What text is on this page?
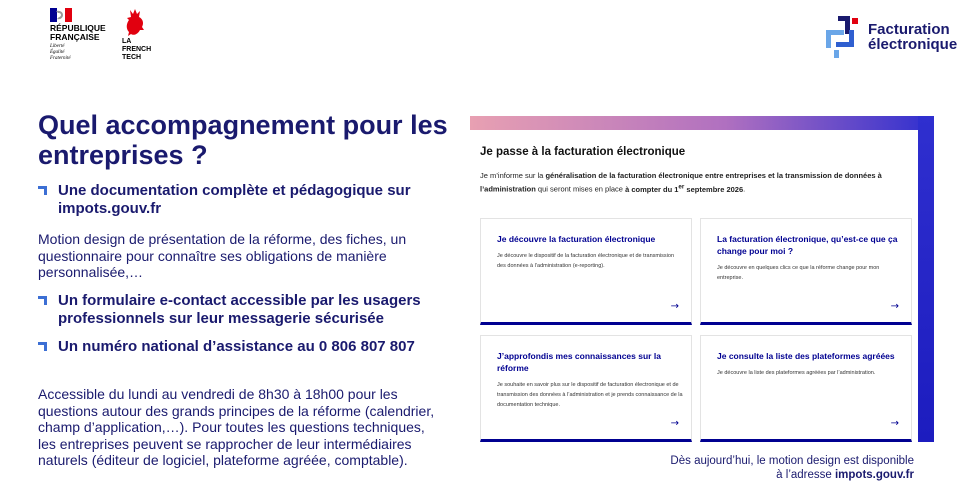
RÉPUBLIQUE
FRANÇAISE
Liberté
Égalité
Fraternité
LA
FRENCH
TECH
Facturation
électronique
Quel accompagnement pour les entreprises ?
Une documentation complète et pédagogique sur impots.gouv.fr

Motion design de présentation de la réforme, des fiches, un questionnaire pour connaître ses obligations de manière personnalisée,…

Un formulaire e-contact accessible par les usagers professionnels sur leur messagerie sécurisée
Un numéro national d’assistance au 0 806 807 807

Accessible du lundi au vendredi de 8h30 à 18h00 pour les questions autour des grands principes de la réforme (calendrier, champ d’application,…). Pour toutes les questions techniques, les entreprises peuvent se rapprocher de leur intermédiaires naturels (éditeur de logiciel, plateforme agréée, comptable).

Je passe à la facturation électronique
Je m’informe sur la généralisation de la facturation électronique entre entreprises et la transmission de données à l’administration qui seront mises en place à compter du 1er septembre 2026.
Je découvre la facturation électronique
Je découvre le dispositif de la facturation électronique et de transmission des données à l’administration (e-reporting).
→
La facturation électronique, qu’est-ce que ça change pour moi ?
Je découvre en quelques clics ce que la réforme change pour mon entreprise.
→
J’approfondis mes connaissances sur la réforme
Je souhaite en savoir plus sur le dispositif de facturation électronique et de transmission des données à l’administration et je prends connaissance de la documentation technique.
→
Je consulte la liste des plateformes agréées
Je découvre la liste des plateformes agréées par l’administration.
→
Dès aujourd’hui, le motion design est disponible
à l’adresse impots.gouv.fr
